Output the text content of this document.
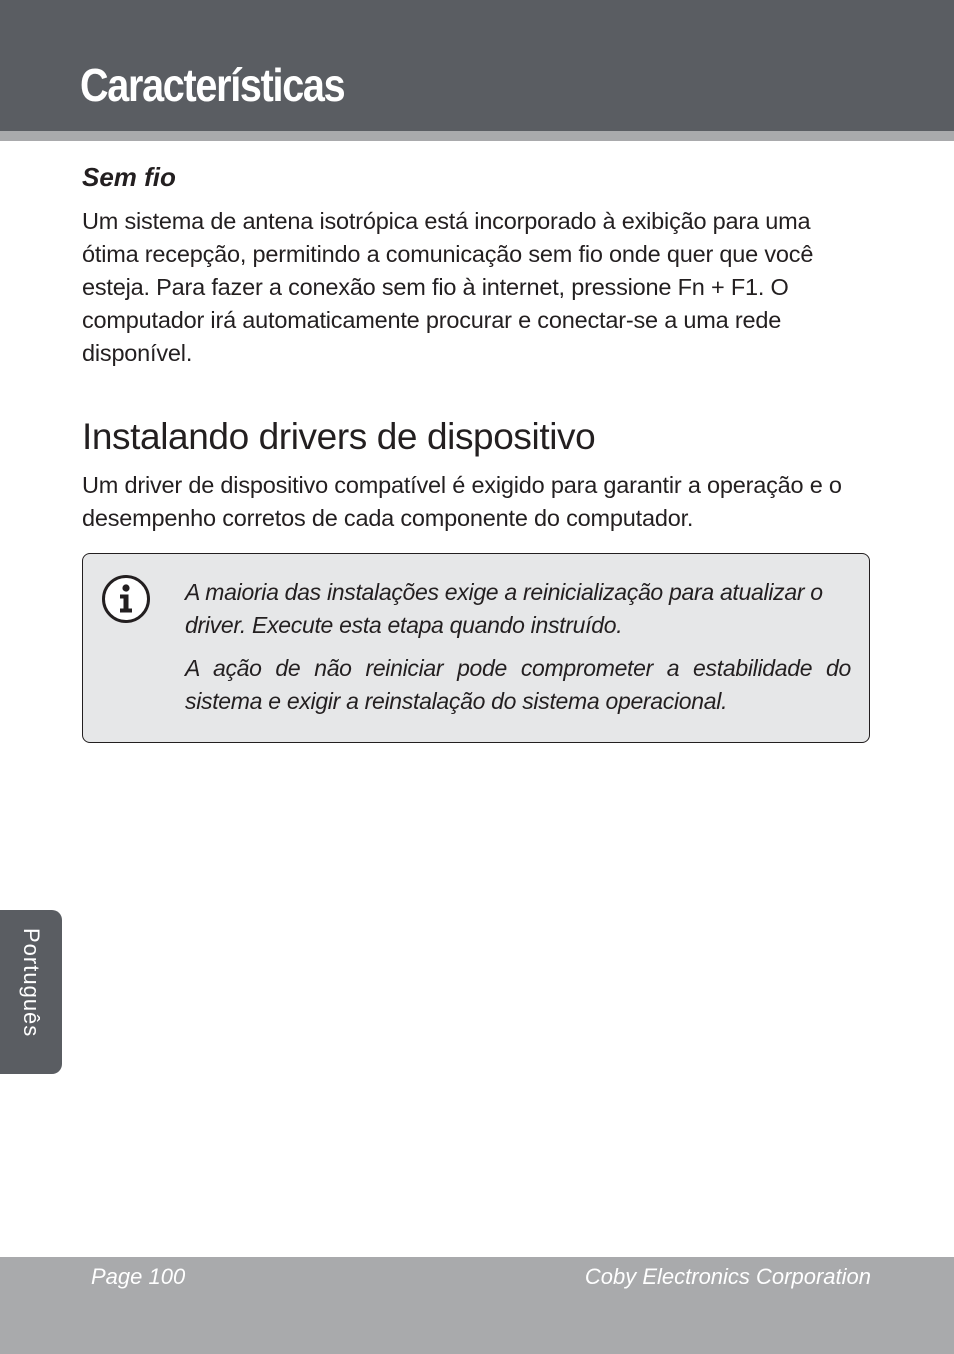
Características
Sem fio

Um sistema de antena isotrópica está incorporado à exibição para uma ótima recepção, permitindo a comunicação sem fio onde quer que você esteja. Para fazer a conexão sem fio à internet, pressione Fn + F1. O computador irá automaticamente procurar e conectar-se a uma rede disponível.

Instalando drivers de dispositivo

Um driver de dispositivo compatível é exigido para garantir a operação e o desempenho corretos de cada componente do computador.

A maioria das instalações exige a reinicialização para atualizar o driver. Execute esta etapa quando instruído.

A ação de não reiniciar pode comprometer a estabilidade do sistema e exigir a reinstalação do sistema operacional.

Português
Page 100	Coby Electronics Corporation
